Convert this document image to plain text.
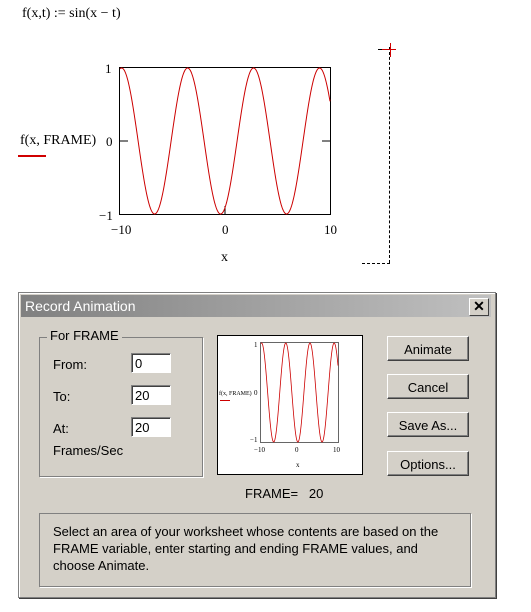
f(x,t) := sin(x − t)
f(x, FRAME)
1
0
−1
−10	0	10
x
Record Animation	✕
For FRAME
From:
0
To:
20
At:
20
Frames/Sec
f(x, FRAME)
1
0
−1
−10	0	10
x
FRAME=   20
Animate
Cancel
Save As...
Options...
Select an area of your worksheet whose contents are based on the FRAME variable, enter starting and ending FRAME values, and choose Animate.
